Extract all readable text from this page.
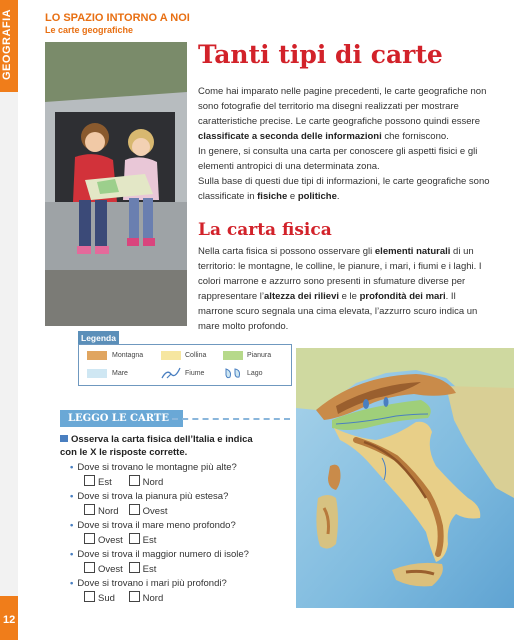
GEOGRAFIA
12
LO SPAZIO INTORNO A NOI
Le carte geografiche
Tanti tipi di carte

Come hai imparato nelle pagine precedenti, le carte geografiche non sono fotografie del territorio ma disegni realizzati per mostrare caratteristiche precise. Le carte geografiche possono quindi essere classificate a seconda delle informazioni che forniscono.
In genere, si consulta una carta per conoscere gli aspetti fisici e gli elementi antropici di una determinata zona.
Sulla base di questi due tipi di informazioni, le carte geografiche sono classificate in fisiche e politiche.

La carta fisica

Nella carta fisica si possono osservare gli elementi naturali di un territorio: le montagne, le colline, le pianure, i mari, i fiumi e i laghi. I colori marrone e azzurro sono presenti in sfumature diverse per rappresentare l’altezza dei rilievi e le profondità dei mari. Il marrone scuro segnala una cima elevata, l’azzurro scuro indica un mare molto profondo.

Legenda
Montagna	Collina	Pianura
Mare	Fiume	Lago
LEGGO LE CARTE
Osserva la carta fisica dell’Italia e indica con le X le risposte corrette.
• Dove si trovano le montagne più alte?
Est	Nord
• Dove si trova la pianura più estesa?
Nord	Ovest
• Dove si trova il mare meno profondo?
Ovest Est
• Dove si trova il maggior numero di isole?
Ovest Est
• Dove si trovano i mari più profondi?
Sud	Nord
